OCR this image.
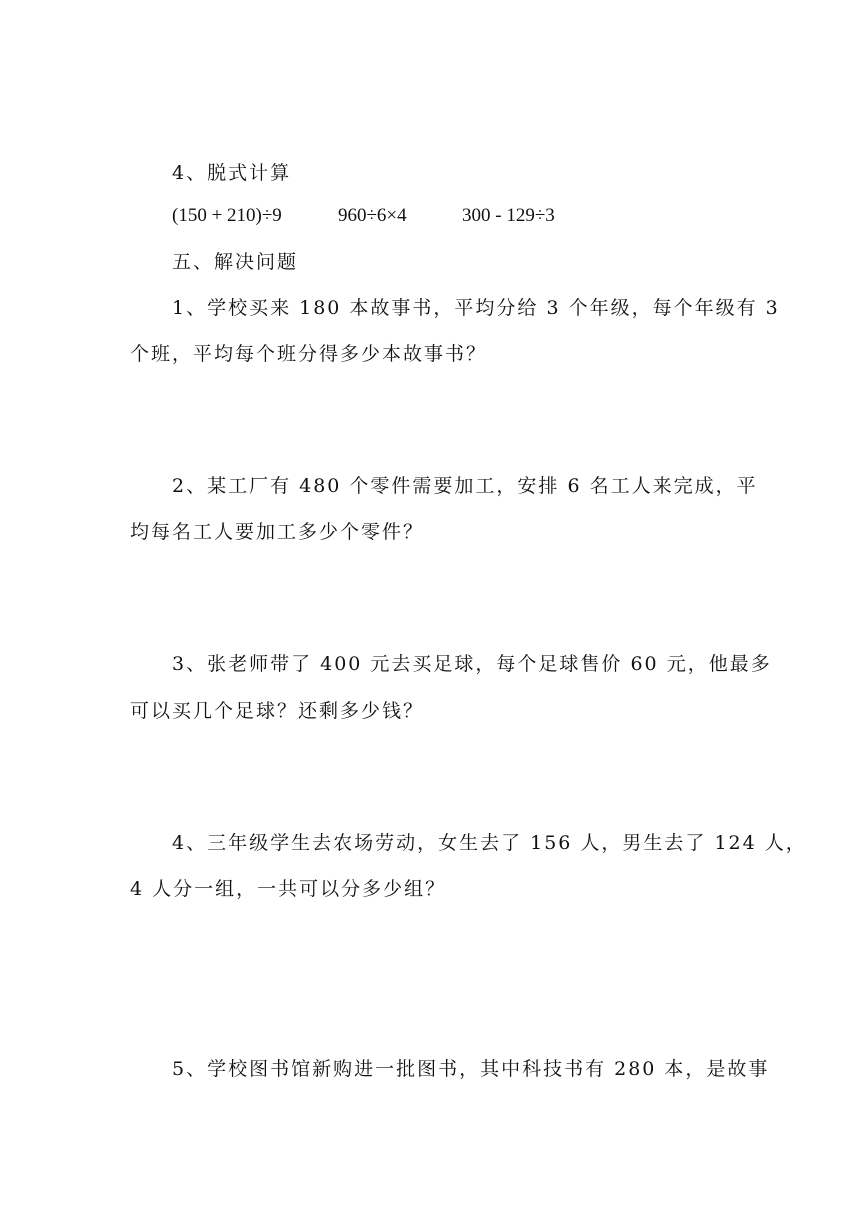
4、脱式计算
(150 + 210)÷9	960÷6×4	300 - 129÷3
五、解决问题
1、学校买来 180 本故事书，平均分给 3 个年级，每个年级有 3
个班，平均每个班分得多少本故事书？
2、某工厂有 480 个零件需要加工，安排 6 名工人来完成，平
均每名工人要加工多少个零件？
3、张老师带了 400 元去买足球，每个足球售价 60 元，他最多
可以买几个足球？还剩多少钱？
4、三年级学生去农场劳动，女生去了 156 人，男生去了 124 人，
4 人分一组，一共可以分多少组？
5、学校图书馆新购进一批图书，其中科技书有 280 本，是故事
